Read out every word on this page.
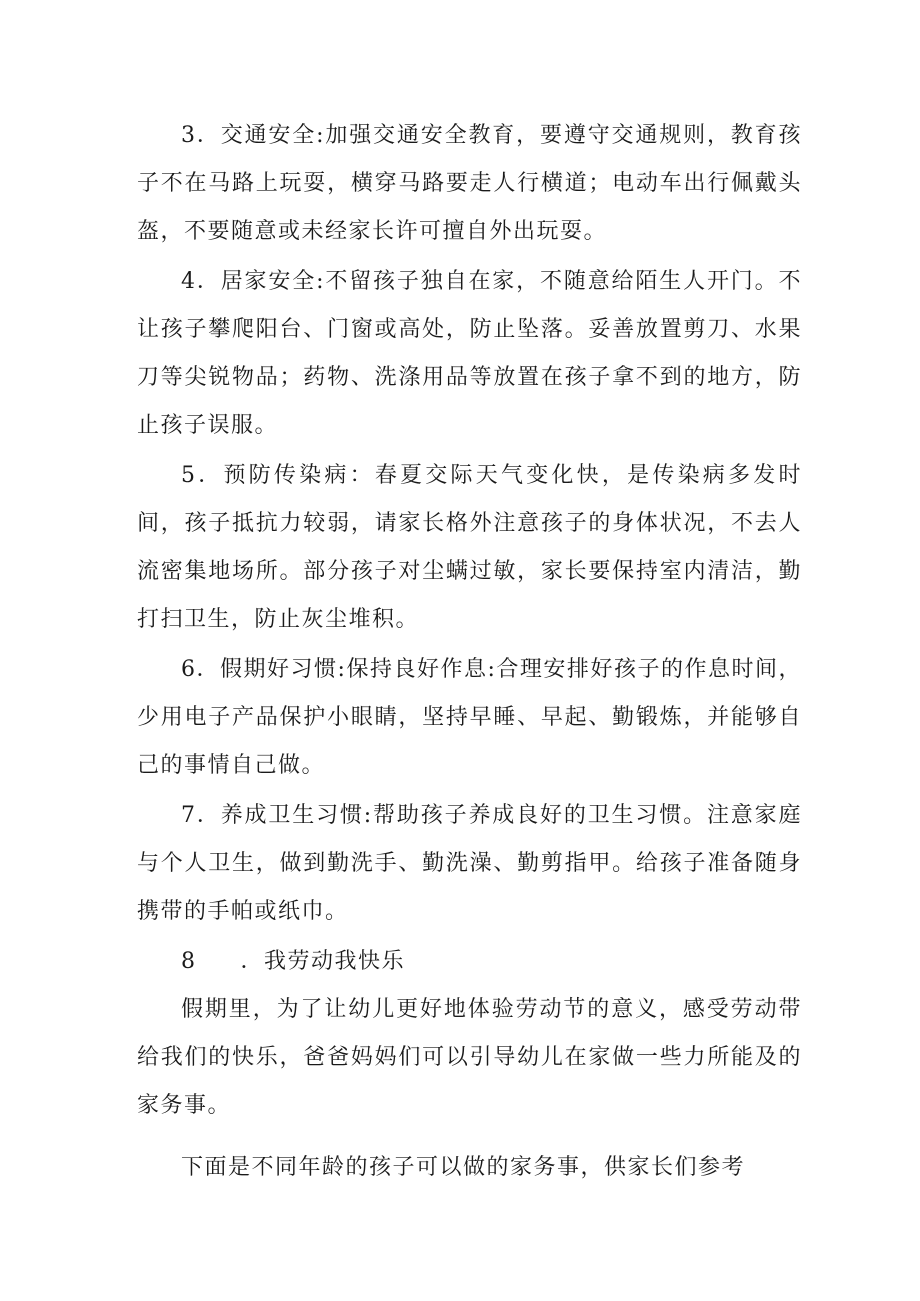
3．交通安全:加强交通安全教育，要遵守交通规则，教育孩子不在马路上玩耍，横穿马路要走人行横道；电动车出行佩戴头盔，不要随意或未经家长许可擅自外出玩耍。

4．居家安全:不留孩子独自在家，不随意给陌生人开门。不让孩子攀爬阳台、门窗或高处，防止坠落。妥善放置剪刀、水果刀等尖锐物品；药物、洗涤用品等放置在孩子拿不到的地方，防止孩子误服。

5．预防传染病：春夏交际天气变化快，是传染病多发时间，孩子抵抗力较弱，请家长格外注意孩子的身体状况，不去人流密集地场所。部分孩子对尘螨过敏，家长要保持室内清洁，勤打扫卫生，防止灰尘堆积。

6．假期好习惯:保持良好作息:合理安排好孩子的作息时间，少用电子产品保护小眼睛，坚持早睡、早起、勤锻炼，并能够自己的事情自己做。

7．养成卫生习惯:帮助孩子养成良好的卫生习惯。注意家庭与个人卫生，做到勤洗手、勤洗澡、勤剪指甲。给孩子准备随身携带的手帕或纸巾。

8 ．我劳动我快乐

假期里，为了让幼儿更好地体验劳动节的意义，感受劳动带给我们的快乐，爸爸妈妈们可以引导幼儿在家做一些力所能及的家务事。

下面是不同年龄的孩子可以做的家务事，供家长们参考
